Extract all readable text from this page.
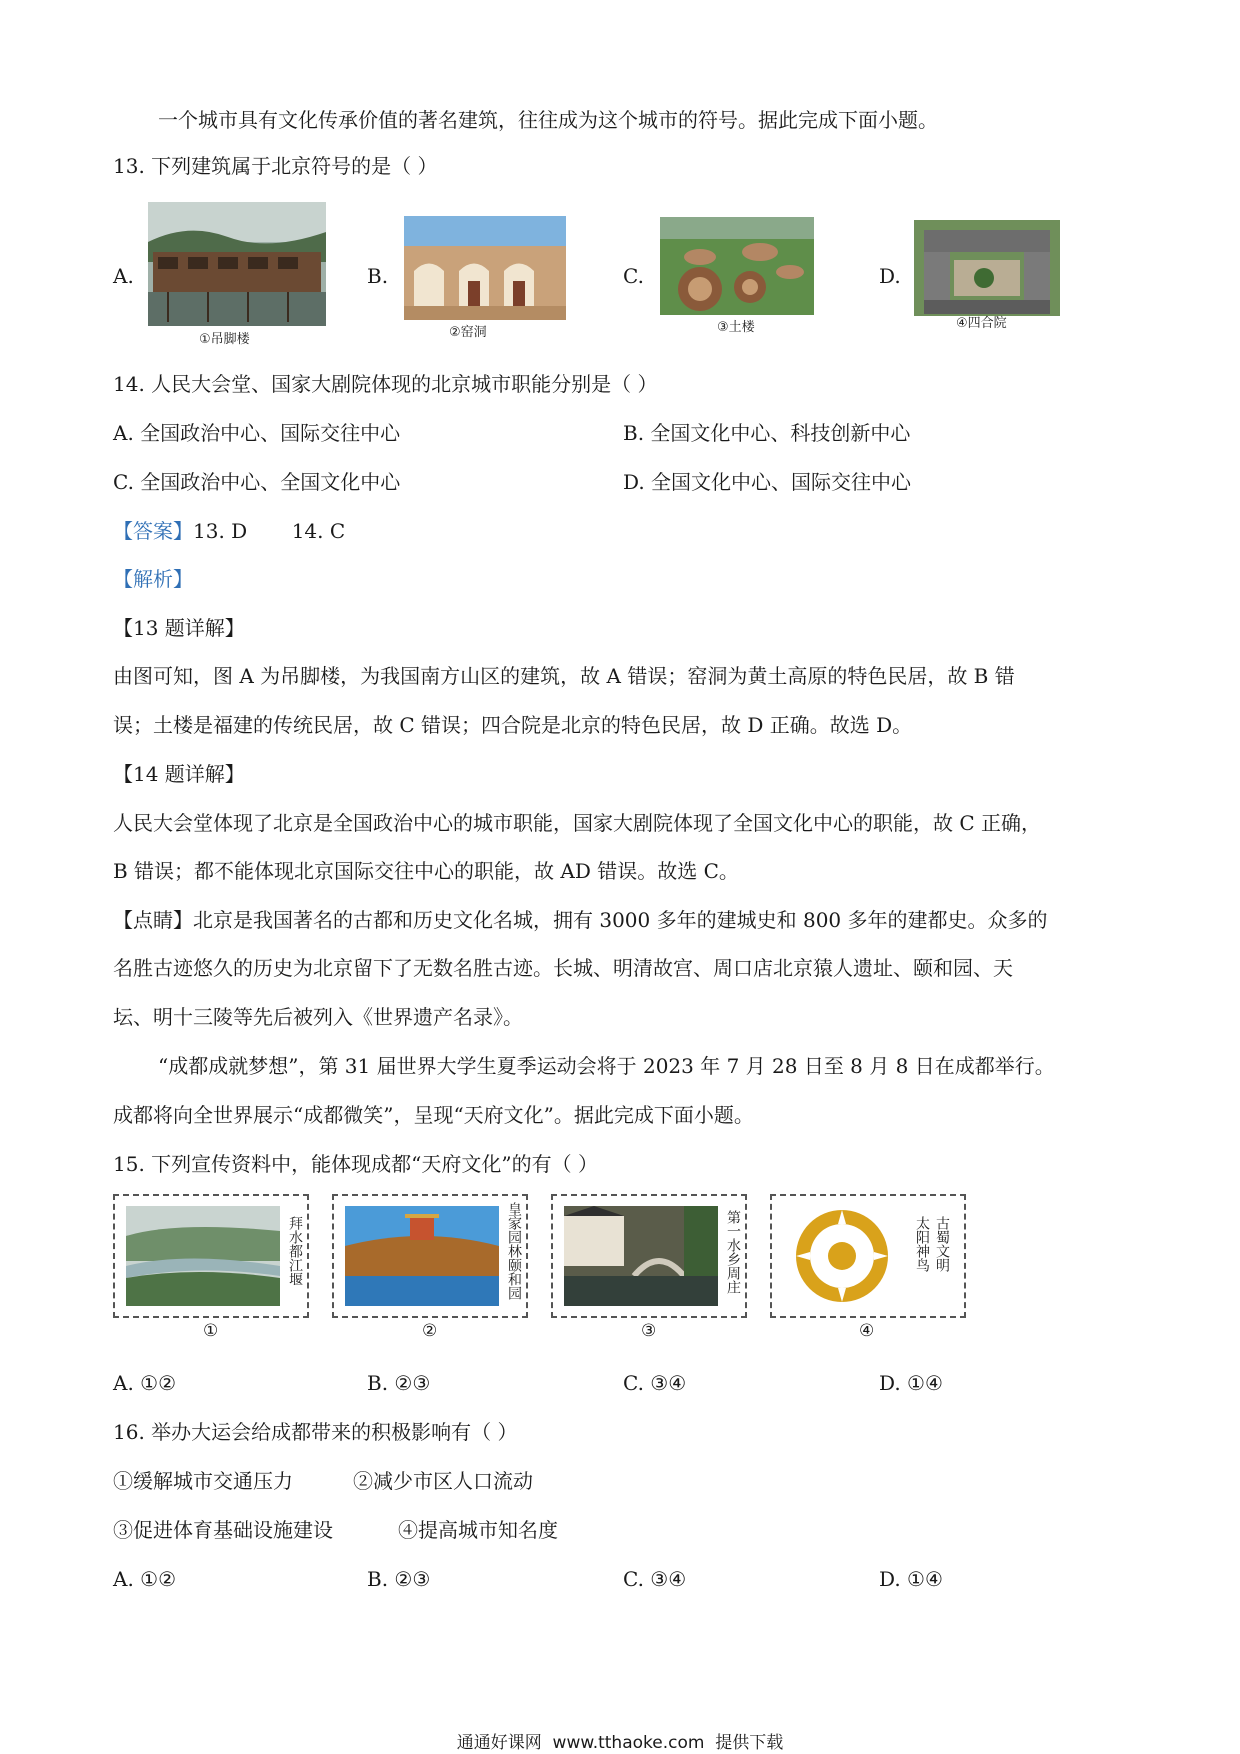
一个城市具有文化传承价值的著名建筑，往往成为这个城市的符号。据此完成下面小题。
13. 下列建筑属于北京符号的是（ ）
A.
①吊脚楼
B.
②窑洞
C.
③土楼
D.
④四合院
14. 人民大会堂、国家大剧院体现的北京城市职能分别是（ ）
A. 全国政治中心、国际交往中心	B. 全国文化中心、科技创新中心
C. 全国政治中心、全国文化中心	D. 全国文化中心、国际交往中心
【答案】13. D       14. C
【解析】
【13 题详解】
由图可知，图 A 为吊脚楼，为我国南方山区的建筑，故 A 错误；窑洞为黄土高原的特色民居，故 B 错
误；土楼是福建的传统民居，故 C 错误；四合院是北京的特色民居，故 D 正确。故选 D。
【14 题详解】
人民大会堂体现了北京是全国政治中心的城市职能，国家大剧院体现了全国文化中心的职能，故 C 正确，
B 错误；都不能体现北京国际交往中心的职能，故 AD 错误。故选 C。
【点睛】北京是我国著名的古都和历史文化名城，拥有 3000 多年的建城史和 800 多年的建都史。众多的
名胜古迹悠久的历史为北京留下了无数名胜古迹。长城、明清故宫、周口店北京猿人遗址、颐和园、天
坛、明十三陵等先后被列入《世界遗产名录》。
“成都成就梦想”，第 31 届世界大学生夏季运动会将于 2023 年 7 月 28 日至 8 月 8 日在成都举行。
成都将向全世界展示“成都微笑”，呈现“天府文化”。据此完成下面小题。
15. 下列宣传资料中，能体现成都“天府文化”的有（ ）
拜水都江堰
①
皇家园林颐和园
②
第一水乡周庄
③
古蜀文明
太阳神鸟
④
A. ①②	B. ②③	C. ③④	D. ①④
16. 举办大运会给成都带来的积极影响有（ ）
①缓解城市交通压力	②减少市区人口流动
③促进体育基础设施建设	④提高城市知名度
A. ①②	B. ②③	C. ③④	D. ①④
通通好课网  www.tthaoke.com  提供下载
